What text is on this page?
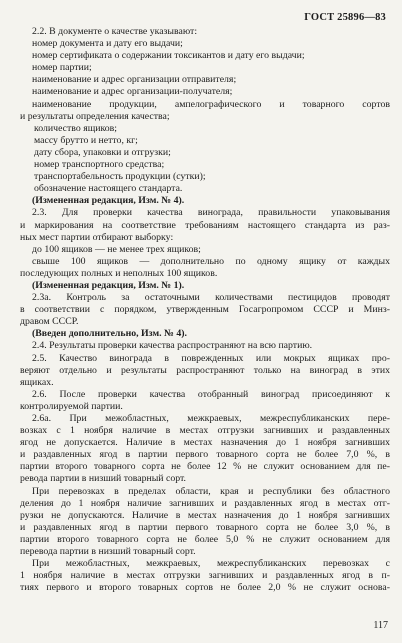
ГОСТ 25896—83
2.2. В документе о качестве указывают:
номер документа и дату его выдачи;
номер сертификата о содержании токсикантов и дату его выдачи;
номер партии;
наименование и адрес организации отправителя;
наименование и адрес организации-получателя;
наименование продукции, ампелографического и товарного сортов
и результаты определения качества;
количество ящиков;
массу брутто и нетто, кг;
дату сбора, упаковки и отгрузки;
номер транспортного средства;
транспортабельность продукции (сутки);
обозначение настоящего стандарта.
(Измененная редакция, Изм. № 4).
2.3. Для проверки качества винограда, правильности упаковывания
и маркирования на соответствие требованиям настоящего стандарта из раз-
ных мест партии отбирают выборку:
до 100 ящиков — не менее трех ящиков;
свыше 100 ящиков — дополнительно по одному ящику от каждых
последующих полных и неполных 100 ящиков.
(Измененная редакция, Изм. № 1).
2.3а. Контроль за остаточными количествами пестицидов проводят
в соответствии с порядком, утвержденным Госагропромом СССР и Минз-
дравом СССР.
(Введен дополнительно, Изм. № 4).
2.4. Результаты проверки качества распространяют на всю партию.
2.5. Качество винограда в поврежденных или мокрых ящиках про-
веряют отдельно и результаты распространяют только на виноград в этих
ящиках.
2.6. После проверки качества отобранный виноград присоединяют к
контролируемой партии.
2.6а. При межобластных, межкраевых, межреспубликанских пере-
возках с 1 ноября наличие в местах отгрузки загнивших и раздавленных
ягод не допускается. Наличие в местах назначения до 1 ноября загнивших
и раздавленных ягод в партии первого товарного сорта не более 7,0 %, в
партии второго товарного сорта не более 12 % не служит основанием для пе-
ревода партии в низший товарный сорт.
При перевозках в пределах области, края и республики без областного
деления до 1 ноября наличие загнивших и раздавленных ягод в местах отг-
рузки не допускаются. Наличие в местах назначения до 1 ноября загнивших
и раздавленных ягод в партии первого товарного сорта не более 3,0 %, в
партии второго товарного сорта не более 5,0 % не служит основанием для
перевода партии в низший товарный сорт.
При межобластных, межкраевых, межреспубликанских перевозках с
1 ноября наличие в местах отгрузки загнивших и раздавленных ягод в п-
тиях первого и второго товарных сортов не более 2,0 % не служит основа-
117
